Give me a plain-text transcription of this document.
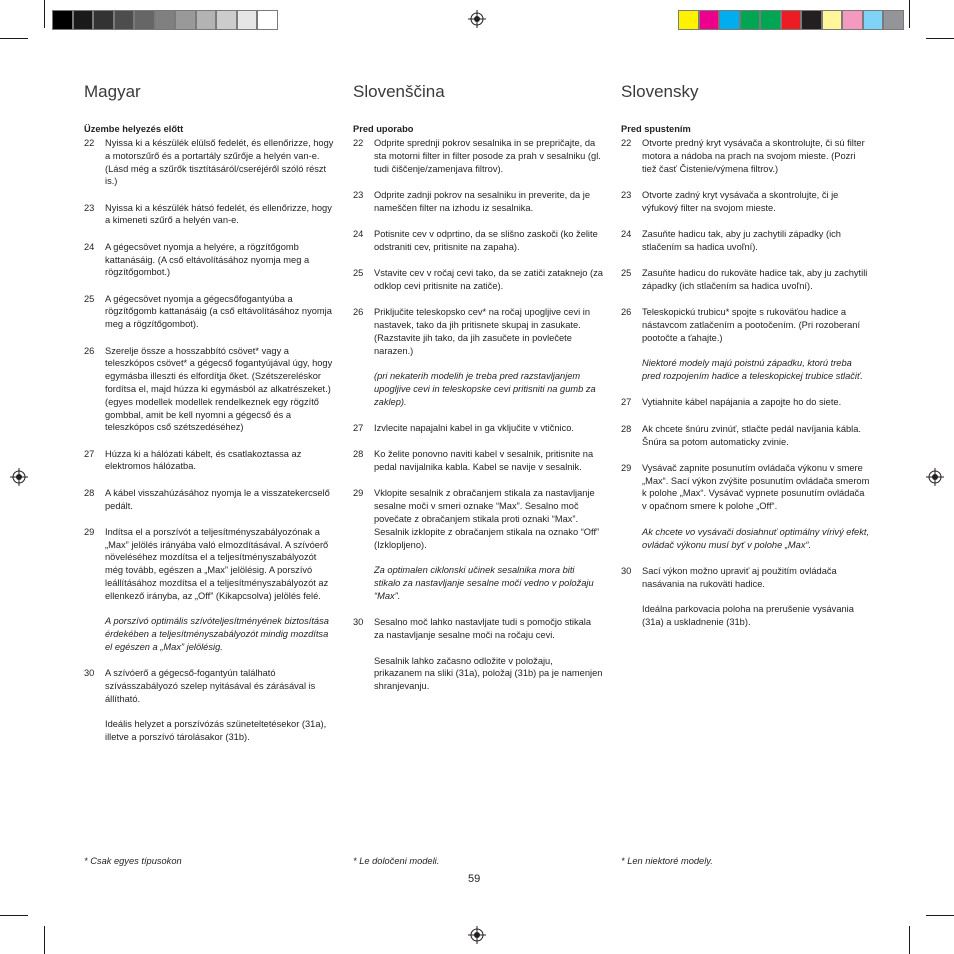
Magyar
Üzembe helyezés előtt
22	Nyissa ki a készülék elülső fedelét, és ellenőrizze, hogy a motorszűrő és a portartály szűrője a helyén van-e. (Lásd még a szűrők tisztításáról/cseréjéről szóló részt is.)

23	Nyissa ki a készülék hátsó fedelét, és ellenőrizze, hogy a kimeneti szűrő a helyén van-e.

24	A gégecsövet nyomja a helyére, a rögzítőgomb kattanásáig. (A cső eltávolításához nyomja meg a rögzítőgombot.)

25	A gégecsövet nyomja a gégecsőfogantyúba a rögzítőgomb kattanásáig (a cső eltávolításához nyomja meg a rögzítőgombot).

26	Szerelje össze a hosszabbító csövet* vagy a teleszkópos csövet* a gégecső fogantyújával úgy, hogy egymásba illeszti és elfordítja őket. (Szétszereléskor fordítsa el, majd húzza ki egymásból az alkatrészeket.) (egyes modellek modellek rendelkeznek egy rögzítő gombbal, amit be kell nyomni a gégecső és a teleszkópos cső szétszedéséhez)

27	Húzza ki a hálózati kábelt, és csatlakoztassa az elektromos hálózatba.

28	A kábel visszahúzásához nyomja le a visszatekercselő pedált.

29	Indítsa el a porszívót a teljesítményszabályozónak a „Max” jelölés irányába való elmozdításával. A szívóerő növeléséhez mozdítsa el a teljesítményszabályozót még tovább, egészen a „Max” jelölésig. A porszívó leállításához mozdítsa el a teljesítményszabályozót az ellenkező irányba, az „Off” (Kikapcsolva) jelölés felé.

A porszívó optimális szívóteljesítményének biztosítása érdekében a teljesítményszabályozót mindig mozdítsa el egészen a „Max” jelölésig.

30	A szívóerő a gégecső-fogantyún található szívásszabályozó szelep nyitásával és zárásával is állítható.

Ideális helyzet a porszívózás szüneteltetésekor (31a), illetve a porszívó tárolásakor (31b).

* Csak egyes típusokon
Slovenščina
Pred uporabo
22	Odprite sprednji pokrov sesalnika in se prepričajte, da sta motorni filter in filter posode za prah v sesalniku (gl. tudi čiščenje/zamenjava filtrov).

23	Odprite zadnji pokrov na sesalniku in preverite, da je nameščen filter na izhodu iz sesalnika.

24	Potisnite cev v odprtino, da se slišno zaskoči (ko želite odstraniti cev, pritisnite na zapaha).

25	Vstavite cev v ročaj cevi tako, da se zatiči zataknejo (za odklop cevi pritisnite na zatiče).

26	Priključite teleskopsko cev* na ročaj upogljive cevi in nastavek, tako da jih pritisnete skupaj in zasukate. (Razstavite jih tako, da jih zasučete in povlečete narazen.)

(pri nekaterih modelih je treba pred razstavljanjem upogljive cevi in teleskopske cevi pritisniti na gumb za zaklep).

27	Izvlecite napajalni kabel in ga vključite v vtičnico.

28	Ko želite ponovno naviti kabel v sesalnik, pritisnite na pedal navijalnika kabla. Kabel se navije v sesalnik.

29	Vklopite sesalnik z obračanjem stikala za nastavljanje sesalne moči v smeri oznake “Max”. Sesalno moč povečate z obračanjem stikala proti oznaki “Max”. Sesalnik izklopite z obračanjem stikala na oznako “Off” (Izklopljeno).

Za optimalen ciklonski učinek sesalnika mora biti stikalo za nastavljanje sesalne moči vedno v položaju “Max”.

30	Sesalno moč lahko nastavljate tudi s pomočjo stikala za nastavljanje sesalne moči na ročaju cevi.

Sesalnik lahko začasno odložite v položaju, prikazanem na sliki (31a), položaj (31b) pa je namenjen shranjevanju.

* Le določeni modeli.
Slovensky
Pred spustením
22	Otvorte predný kryt vysávača a skontrolujte, či sú filter motora a nádoba na prach na svojom mieste. (Pozri tiež časť Čistenie/výmena filtrov.)

23	Otvorte zadný kryt vysávača a skontrolujte, či je výfukový filter na svojom mieste.

24	Zasuňte hadicu tak, aby ju zachytili západky (ich stlačením sa hadica uvoľní).

25	Zasuňte hadicu do rukoväte hadice tak, aby ju zachytili západky (ich stlačením sa hadica uvoľní).

26	Teleskopickú trubicu* spojte s rukoväťou hadice a nástavcom zatlačením a pootočením. (Pri rozoberaní pootočte a ťahajte.)

Niektoré modely majú poistnú západku, ktorú treba pred rozpojením hadice a teleskopickej trubice stlačiť.

27	Vytiahnite kábel napájania a zapojte ho do siete.

28	Ak chcete šnúru zvinúť, stlačte pedál navíjania kábla. Šnúra sa potom automaticky zvinie.

29	Vysávač zapnite posunutím ovládača výkonu v smere „Max“. Sací výkon zvýšite posunutím ovládača smerom k polohe „Max“. Vysávač vypnete posunutím ovládača v opačnom smere k polohe „Off“.

Ak chcete vo vysávači dosiahnuť optimálny vírivý efekt, ovládač výkonu musí byť v polohe „Max“.

30	Sací výkon možno upraviť aj použitím ovládača nasávania na rukoväti hadice.

Ideálna parkovacia poloha na prerušenie vysávania (31a) a uskladnenie (31b).

* Len niektoré modely.
59
